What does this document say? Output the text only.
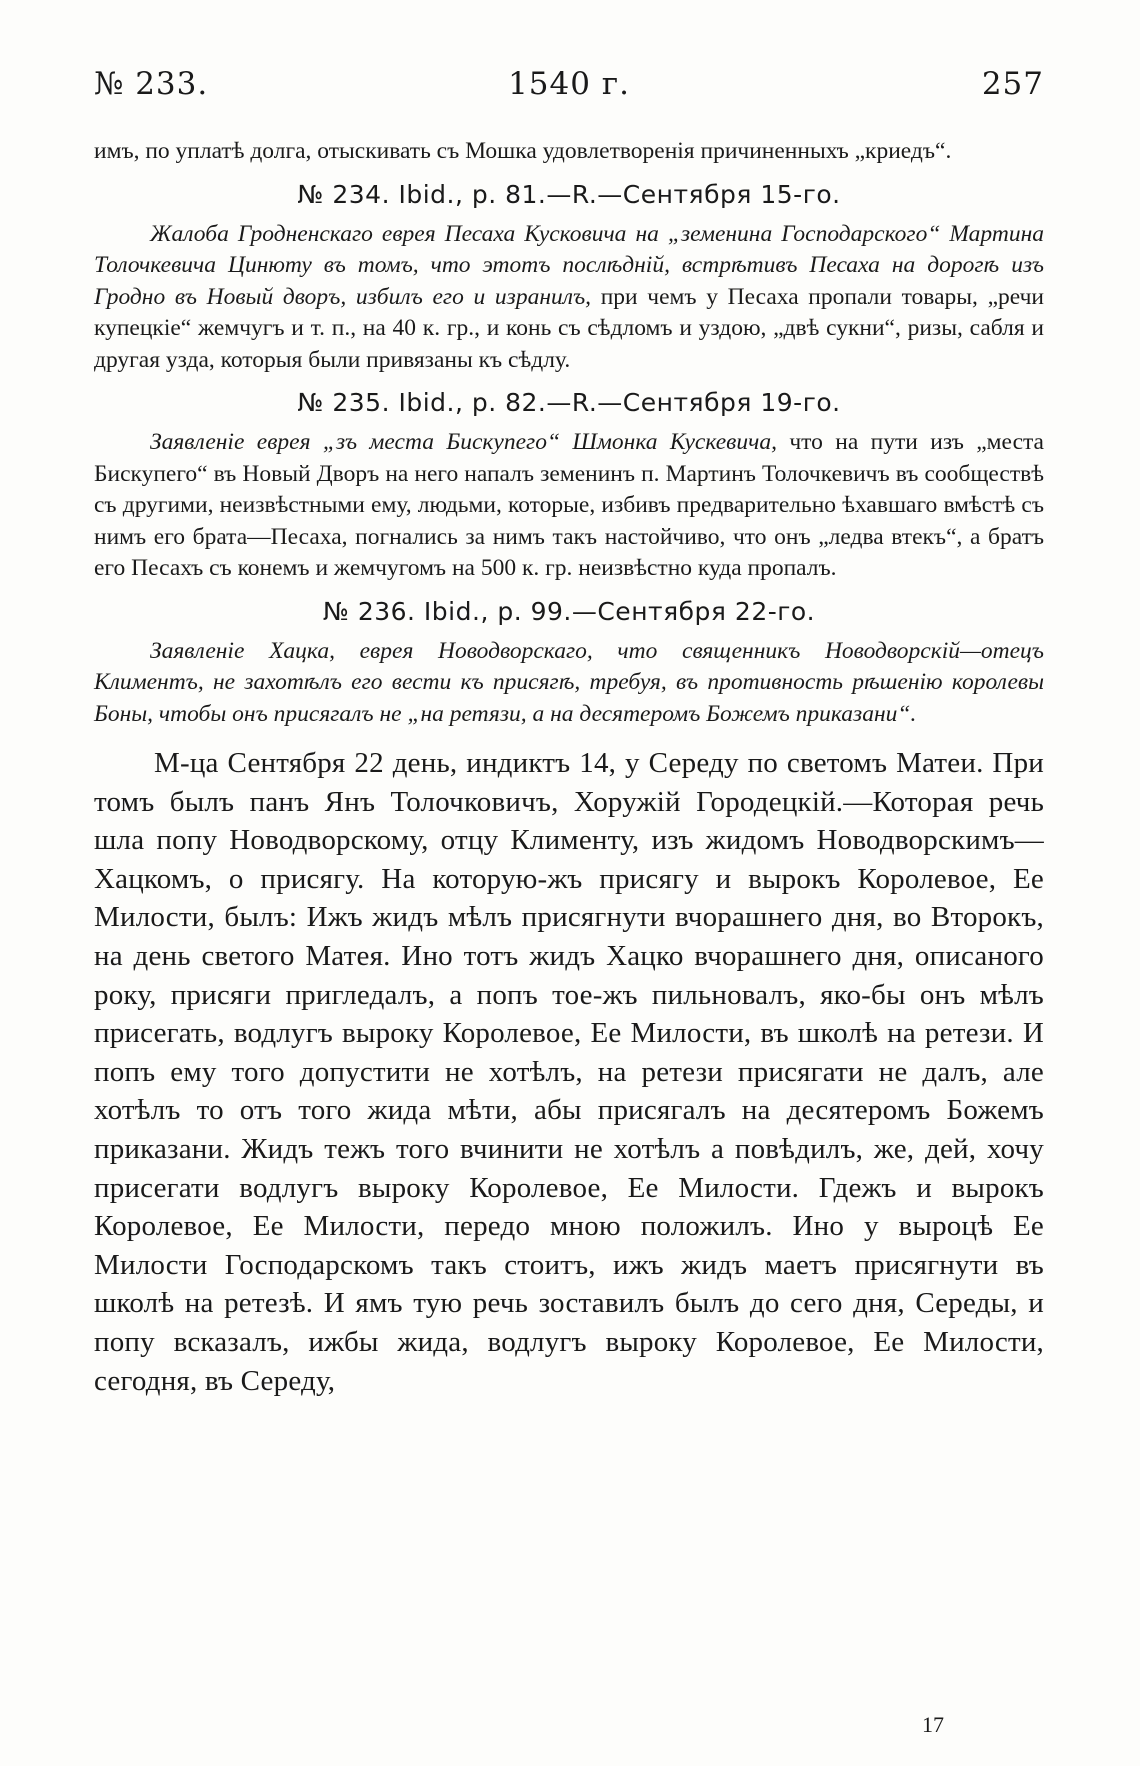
№ 233.	1540 г.	257

имъ, по уплатѣ долга, отыскивать съ Мошка удовлетворенія причиненныхъ „криедъ“.

№ 234. Ibid., p. 81.—R.—Сентября 15-го.

Жалоба Гродненскаго еврея Песаха Кусковича на „земенина Господарского“ Мартина Толочкевича Цинюту въ томъ, что этотъ послѣдній, встрѣтивъ Песаха на дорогѣ изъ Гродно въ Новый дворъ, избилъ его и изранилъ, при чемъ у Песаха пропали товары, „речи купецкіе“ жемчугъ и т. п., на 40 к. гр., и конь съ сѣдломъ и уздою, „двѣ сукни“, ризы, сабля и другая узда, которыя были привязаны къ сѣдлу.

№ 235. Ibid., p. 82.—R.—Сентября 19-го.

Заявленіе еврея „зъ места Бискупего“ Шмонка Кускевича, что на пути изъ „места Бискупего“ въ Новый Дворъ на него напалъ земенинъ п. Мартинъ Толочкевичъ въ сообществѣ съ другими, неизвѣстными ему, людьми, которые, избивъ предварительно ѣхавшаго вмѣстѣ съ нимъ его брата—Песаха, погнались за нимъ такъ настойчиво, что онъ „ледва втекъ“, а братъ его Песахъ съ конемъ и жемчугомъ на 500 к. гр. неизвѣстно куда пропалъ.

№ 236. Ibid., p. 99.—Сентября 22-го.

Заявленіе Хацка, еврея Новодворскаго, что священникъ Новодворскій—отецъ Климентъ, не захотѣлъ его вести къ присягѣ, требуя, въ противность рѣшенію королевы Боны, чтобы онъ присягалъ не „на ретязи, а на десятеромъ Божемъ приказани“.

М-ца Сентября 22 день, индиктъ 14, у Середу по светомъ Матеи. При томъ былъ панъ Янъ Толочковичъ, Хоружій Городецкій.—Которая речь шла попу Новодворскому, отцу Клименту, изъ жидомъ Новодворскимъ—Хацкомъ, о присягу. На которую-жъ присягу и вырокъ Королевое, Ее Милости, былъ: Ижъ жидъ мѣлъ присягнути вчорашнего дня, во Второкъ, на день светого Матея. Ино тотъ жидъ Хацко вчорашнего дня, описаного року, присяги пригледалъ, а попъ тое-жъ пильновалъ, яко-бы онъ мѣлъ присегать, водлугъ выроку Королевое, Ее Милости, въ школѣ на ретези. И попъ ему того допустити не хотѣлъ, на ретези присягати не далъ, але хотѣлъ то отъ того жида мѣти, абы присягалъ на десятеромъ Божемъ приказани. Жидъ тежъ того вчинити не хотѣлъ а повѣдилъ, же, дей, хочу присегати водлугъ выроку Королевое, Ее Милости. Гдежъ и вырокъ Королевое, Ее Милости, передо мною положилъ. Ино у выроцѣ Ее Милости Господарскомъ такъ стоитъ, ижъ жидъ маетъ присягнути въ школѣ на ретезѣ. И ямъ тую речь зоставилъ былъ до сего дня, Середы, и попу всказалъ, ижбы жида, водлугъ выроку Королевое, Ее Милости, сегодня, въ Середу,

17
